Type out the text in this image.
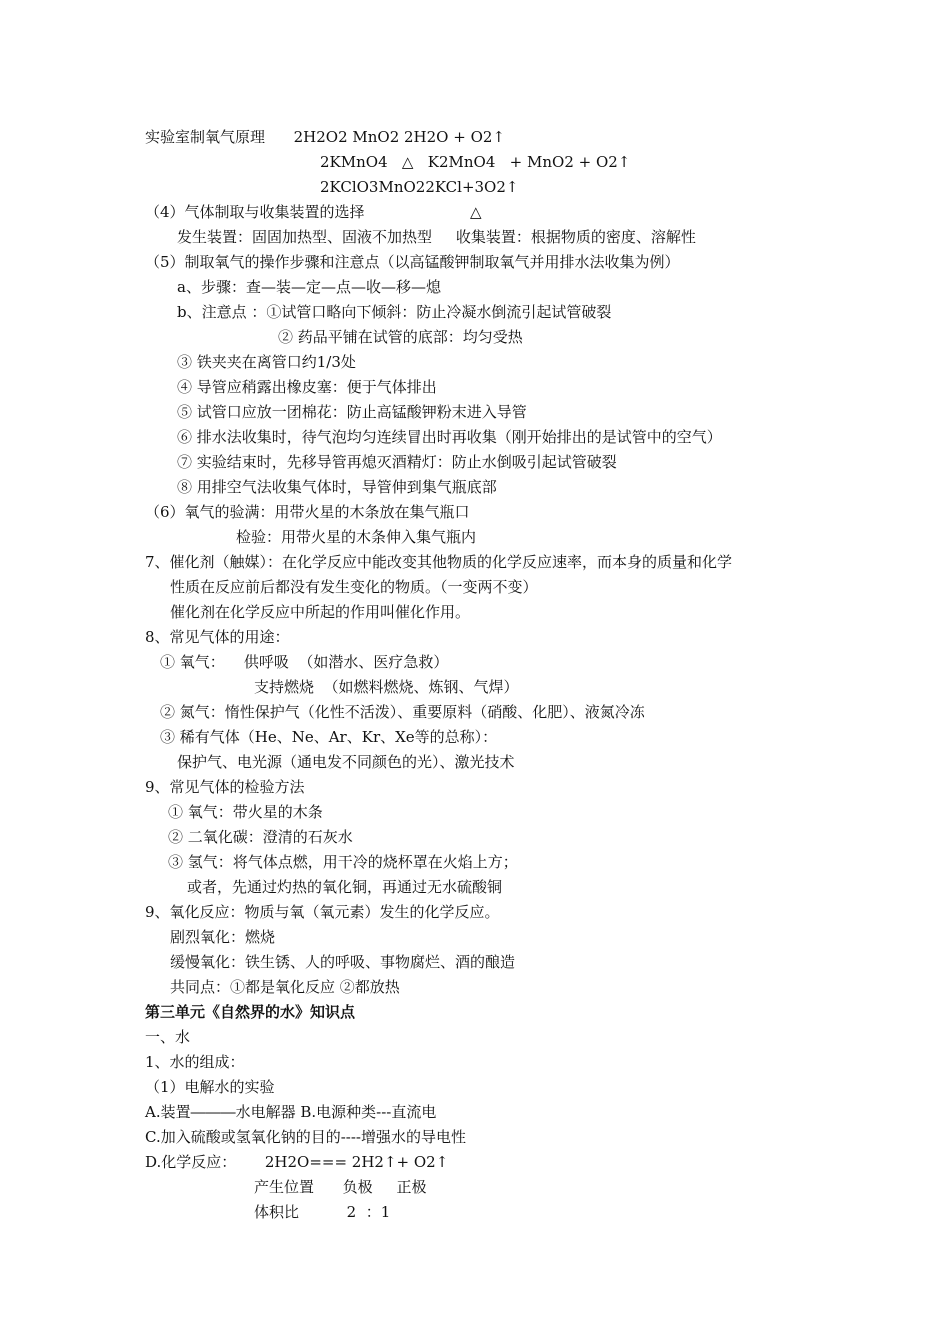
实验室制氧气原理      2H2O2 MnO2 2H2O + O2↑
2KMnO4   △   K2MnO4   + MnO2 + O2↑
2KClO3MnO22KCl+3O2↑
（4）气体制取与收集装置的选择	△
发生装置：固固加热型、固液不加热型     收集装置：根据物质的密度、溶解性
（5）制取氧气的操作步骤和注意点（以高锰酸钾制取氧气并用排水法收集为例）
a、步骤：查—装—定—点—收—移—熄
b、注意点 ：①试管口略向下倾斜：防止冷凝水倒流引起试管破裂
② 药品平铺在试管的底部：均匀受热
③ 铁夹夹在离管口约1/3处
④ 导管应稍露出橡皮塞：便于气体排出
⑤ 试管口应放一团棉花：防止高锰酸钾粉末进入导管
⑥ 排水法收集时，待气泡均匀连续冒出时再收集（刚开始排出的是试管中的空气）
⑦ 实验结束时，先移导管再熄灭酒精灯：防止水倒吸引起试管破裂
⑧ 用排空气法收集气体时，导管伸到集气瓶底部
（6）氧气的验满：用带火星的木条放在集气瓶口
检验：用带火星的木条伸入集气瓶内
7、催化剂（触媒）：在化学反应中能改变其他物质的化学反应速率，而本身的质量和化学
性质在反应前后都没有发生变化的物质。（一变两不变）
催化剂在化学反应中所起的作用叫催化作用。
8、常见气体的用途：
① 氧气：    供呼吸  （如潜水、医疗急救）
支持燃烧  （如燃料燃烧、炼钢、气焊）
② 氮气：惰性保护气（化性不活泼）、重要原料（硝酸、化肥）、液氮冷冻
③ 稀有气体（He、Ne、Ar、Kr、Xe等的总称）：
保护气、电光源（通电发不同颜色的光）、激光技术
9、常见气体的检验方法
① 氧气：带火星的木条
② 二氧化碳：澄清的石灰水
③ 氢气：将气体点燃，用干冷的烧杯罩在火焰上方；
或者，先通过灼热的氧化铜，再通过无水硫酸铜
9、氧化反应：物质与氧（氧元素）发生的化学反应。
剧烈氧化：燃烧
缓慢氧化：铁生锈、人的呼吸、事物腐烂、酒的酿造
共同点：①都是氧化反应 ②都放热
第三单元《自然界的水》知识点
一、水
1、水的组成：
（1）电解水的实验
A.装置―――水电解器 B.电源种类---直流电
C.加入硫酸或氢氧化钠的目的----增强水的导电性
D.化学反应：      2H2O=== 2H2↑+ O2↑
产生位置      负极     正极
体积比          2  ：1
